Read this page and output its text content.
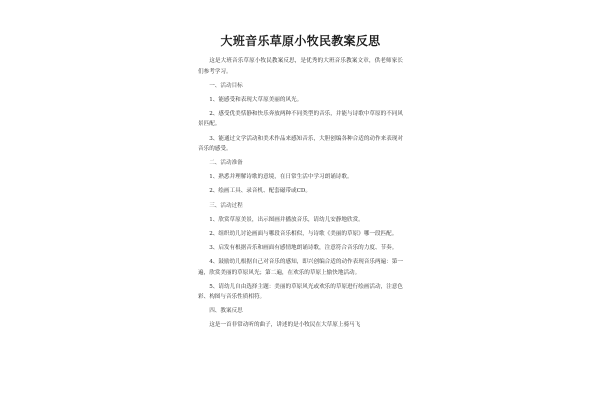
大班音乐草原小牧民教案反思

这是大班音乐草原小牧民教案反思，是优秀的大班音乐教案文章，供老师家长们参考学习。

一、活动目标

1、能感受和表现大草原美丽的风光。

2、感受优美恬静和快乐奔放两种不同类型的音乐，并能与诗歌中草原的不同风景匹配。

3、能通过文学活动和美术作品来感知音乐，大胆创编各种合适的动作来表现对音乐的感受。

二、活动准备

1、熟悉并理解诗歌的意境，在日常生活中学习朗诵诗歌。

2、绘画工具、录音机、配套磁带或CD。

三、活动过程

1、欣赏草原美景，出示图画并播放音乐，请幼儿安静地欣赏。

2、组织幼儿讨论画面与哪段音乐相似，与诗歌《美丽的草原》哪一段匹配。

3、启发有根据音乐和画面有感情地朗诵诗歌，注意符合音乐的力度、节奏。

4、鼓励幼儿根据自己对音乐的感知，即兴创编合适的动作表现音乐两遍：第一遍，欣赏美丽的草原风光；第二遍，在欢乐的草原上愉快地活动。

5、请幼儿自由选择主题：美丽的草原风光或欢乐的草原进行绘画活动，注意色彩、构图与音乐性质相符。

四、教案反思

这是一首非常动听的曲子，讲述的是小牧民在大草原上骑马飞
